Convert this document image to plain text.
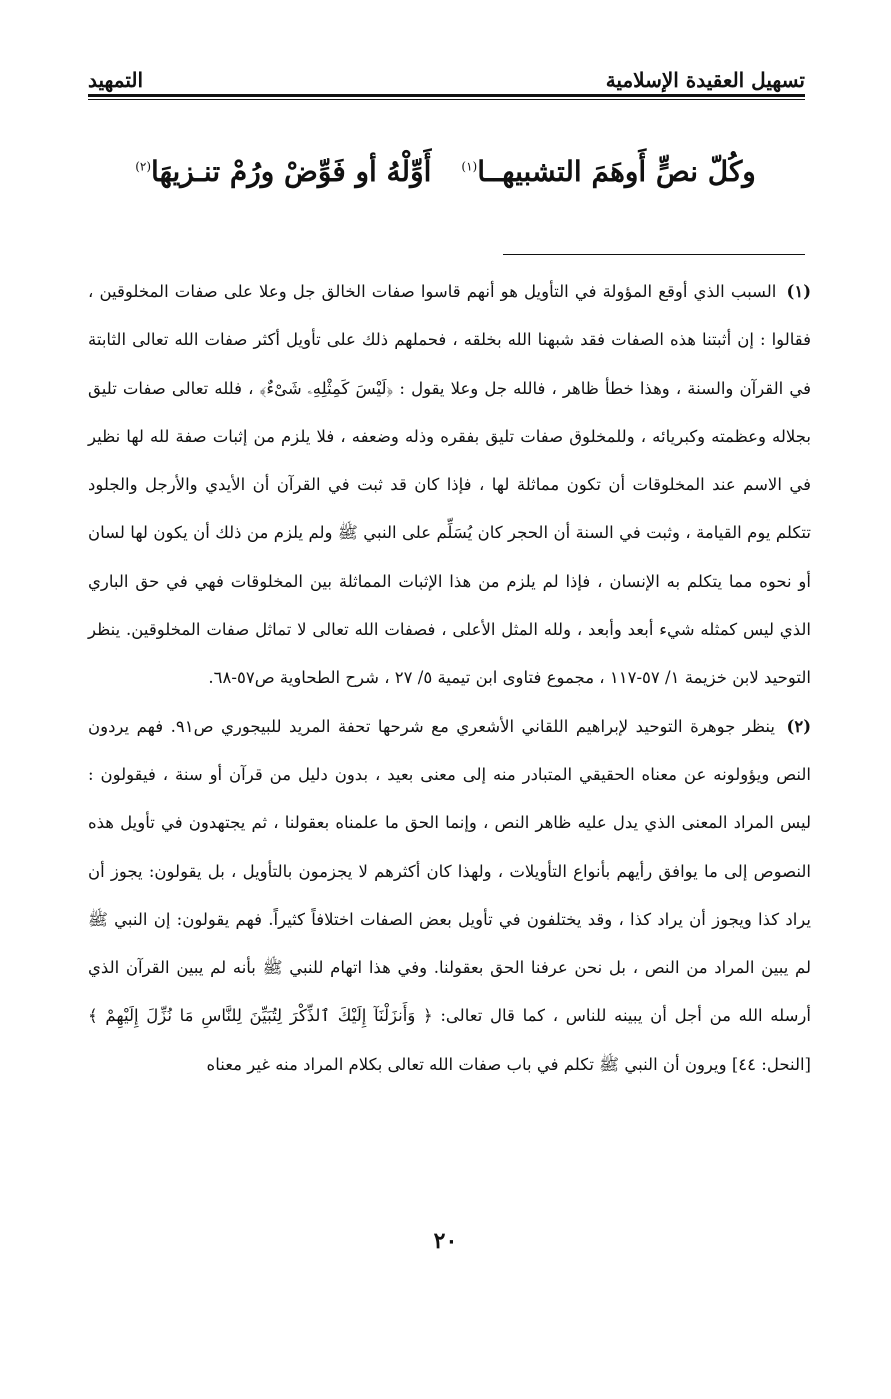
تسهيل العقيدة الإسلامية
التمهيد
وكُلّ نصٍّ أَوهَمَ التشبيهــا$^{(١)}$
أَوِّلْهُ أو فَوِّضْ ورُمْ تنـزيهَا$^{(٢)}$

(١) السبب الذي أوقع المؤولة في التأويل هو أنهم قاسوا صفات الخالق جل وعلا على صفات المخلوقين ، فقالوا : إن أثبتنا هذه الصفات فقد شبهنا الله بخلقه ، فحملهم ذلك على تأويل أكثر صفات الله تعالى الثابتة في القرآن والسنة ، وهذا خطأ ظاهر ، فالله جل وعلا يقول : ﴿لَيْسَ كَمِثْلِهِۦ شَىْءٌ﴾ ، فلله تعالى صفات تليق بجلاله وعظمته وكبريائه ، وللمخلوق صفات تليق بفقره وذله وضعفه ، فلا يلزم من إثبات صفة لله لها نظير في الاسم عند المخلوقات أن تكون مماثلة لها ، فإذا كان قد ثبت في القرآن أن الأيدي والأرجل والجلود تتكلم يوم القيامة ، وثبت في السنة أن الحجر كان يُسَلِّم على النبي ﷺ ولم يلزم من ذلك أن يكون لها لسان أو نحوه مما يتكلم به الإنسان ، فإذا لم يلزم من هذا الإثبات المماثلة بين المخلوقات فهي في حق الباري الذي ليس كمثله شيء أبعد وأبعد ، ولله المثل الأعلى ، فصفات الله تعالى لا تماثل صفات المخلوقين. ينظر التوحيد لابن خزيمة ١/ ٥٧-١١٧ ، مجموع فتاوى ابن تيمية ٥/ ٢٧ ، شرح الطحاوية ص٥٧-٦٨.

(٢) ينظر جوهرة التوحيد لإبراهيم اللقاني الأشعري مع شرحها تحفة المريد للبيجوري ص٩١. فهم يردون النص ويؤولونه عن معناه الحقيقي المتبادر منه إلى معنى بعيد ، بدون دليل من قرآن أو سنة ، فيقولون : ليس المراد المعنى الذي يدل عليه ظاهر النص ، وإنما الحق ما علمناه بعقولنا ، ثم يجتهدون في تأويل هذه النصوص إلى ما يوافق رأيهم بأنواع التأويلات ، ولهذا كان أكثرهم لا يجزمون بالتأويل ، بل يقولون: يجوز أن يراد كذا ويجوز أن يراد كذا ، وقد يختلفون في تأويل بعض الصفات اختلافاً كثيراً. فهم يقولون: إن النبي ﷺ لم يبين المراد من النص ، بل نحن عرفنا الحق بعقولنا. وفي هذا اتهام للنبي ﷺ بأنه لم يبين القرآن الذي أرسله الله من أجل أن يبينه للناس ، كما قال تعالى: ﴿ وَأَنزَلْنَآ إِلَيْكَ ٱلذِّكْرَ لِتُبَيِّنَ لِلنَّاسِ مَا نُزِّلَ إِلَيْهِمْ ﴾ [النحل: ٤٤] ويرون أن النبي ﷺ تكلم في باب صفات الله تعالى بكلام المراد منه غير معناه

٢٠
